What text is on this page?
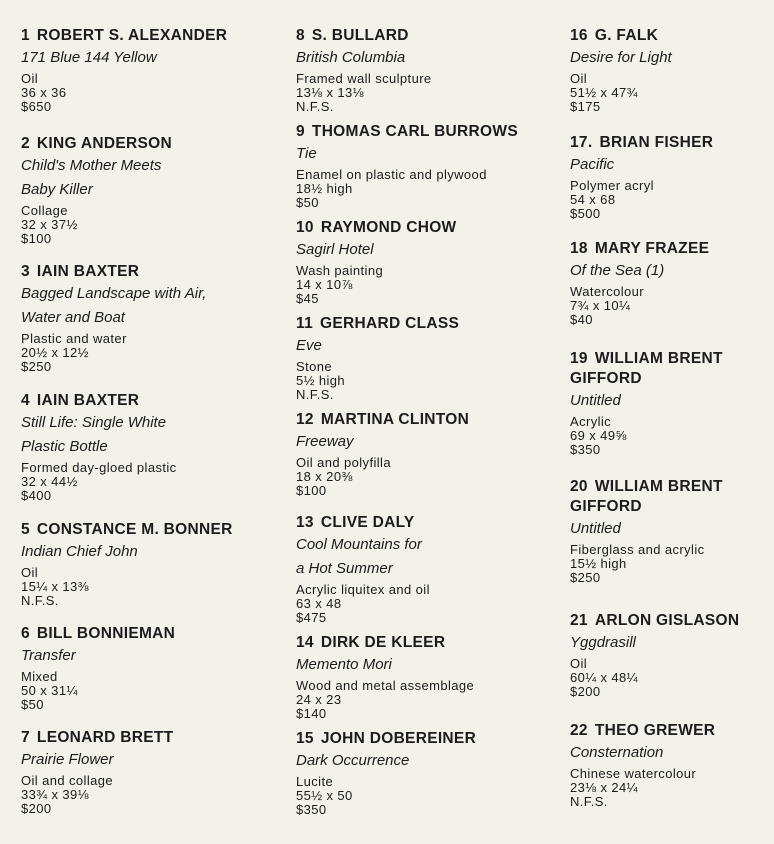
1 ROBERT S. ALEXANDER
171 Blue 144 Yellow
Oil
36 x 36
$650
2 KING ANDERSON
Child's Mother Meets
Baby Killer
Collage
32 x 37½
$100
3 IAIN BAXTER
Bagged Landscape with Air,
Water and Boat
Plastic and water
20½ x 12½
$250
4 IAIN BAXTER
Still Life: Single White
Plastic Bottle
Formed day-gloed plastic
32 x 44½
$400
5 CONSTANCE M. BONNER
Indian Chief John
Oil
15¼ x 13⅜
N.F.S.
6 BILL BONNIEMAN
Transfer
Mixed
50 x 31¼
$50
7 LEONARD BRETT
Prairie Flower
Oil and collage
33¾ x 39⅛
$200
8 S. BULLARD
British Columbia
Framed wall sculpture
13⅛ x 13⅛
N.F.S.
9 THOMAS CARL BURROWS
Tie
Enamel on plastic and plywood
18½ high
$50
10 RAYMOND CHOW
Sagirl Hotel
Wash painting
14 x 10⅞
$45
11 GERHARD CLASS
Eve
Stone
5½ high
N.F.S.
12 MARTINA CLINTON
Freeway
Oil and polyfilla
18 x 20⅜
$100
13 CLIVE DALY
Cool Mountains for
a Hot Summer
Acrylic liquitex and oil
63 x 48
$475
14 DIRK DE KLEER
Memento Mori
Wood and metal assemblage
24 x 23
$140
15 JOHN DOBEREINER
Dark Occurrence
Lucite
55½ x 50
$350
16 G. FALK
Desire for Light
Oil
51½ x 47¾
$175
17. BRIAN FISHER
Pacific
Polymer acryl
54 x 68
$500
18 MARY FRAZEE
Of the Sea (1)
Watercolour
7¾ x 10¼
$40
19 WILLIAM BRENT GIFFORD
Untitled
Acrylic
69 x 49⅝
$350
20 WILLIAM BRENT GIFFORD
Untitled
Fiberglass and acrylic
15½ high
$250
21 ARLON GISLASON
Yggdrasill
Oil
60¼ x 48¼
$200
22 THEO GREWER
Consternation
Chinese watercolour
23⅛ x 24¼
N.F.S.
